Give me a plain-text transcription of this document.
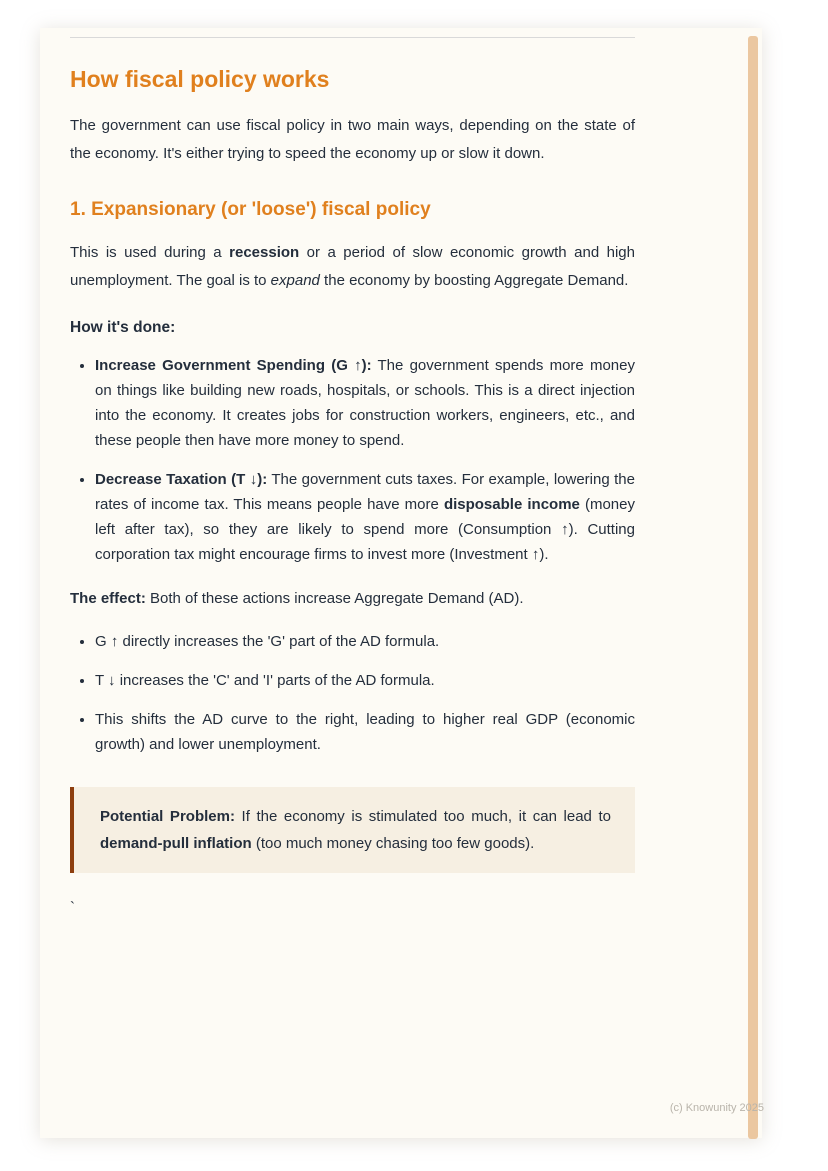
How fiscal policy works

The government can use fiscal policy in two main ways, depending on the state of the economy. It's either trying to speed the economy up or slow it down.

1. Expansionary (or 'loose') fiscal policy

This is used during a recession or a period of slow economic growth and high unemployment. The goal is to expand the economy by boosting Aggregate Demand.

How it's done:

• Increase Government Spending (G ↑): The government spends more money on things like building new roads, hospitals, or schools. This is a direct injection into the economy. It creates jobs for construction workers, engineers, etc., and these people then have more money to spend.
• Decrease Taxation (T ↓): The government cuts taxes. For example, lowering the rates of income tax. This means people have more disposable income (money left after tax), so they are likely to spend more (Consumption ↑). Cutting corporation tax might encourage firms to invest more (Investment ↑).

The effect: Both of these actions increase Aggregate Demand (AD).

• G ↑ directly increases the 'G' part of the AD formula.
• T ↓ increases the 'C' and 'I' parts of the AD formula.
• This shifts the AD curve to the right, leading to higher real GDP (economic growth) and lower unemployment.
Potential Problem: If the economy is stimulated too much, it can lead to demand-pull inflation (too much money chasing too few goods).

`

(c) Knowunity 2025
